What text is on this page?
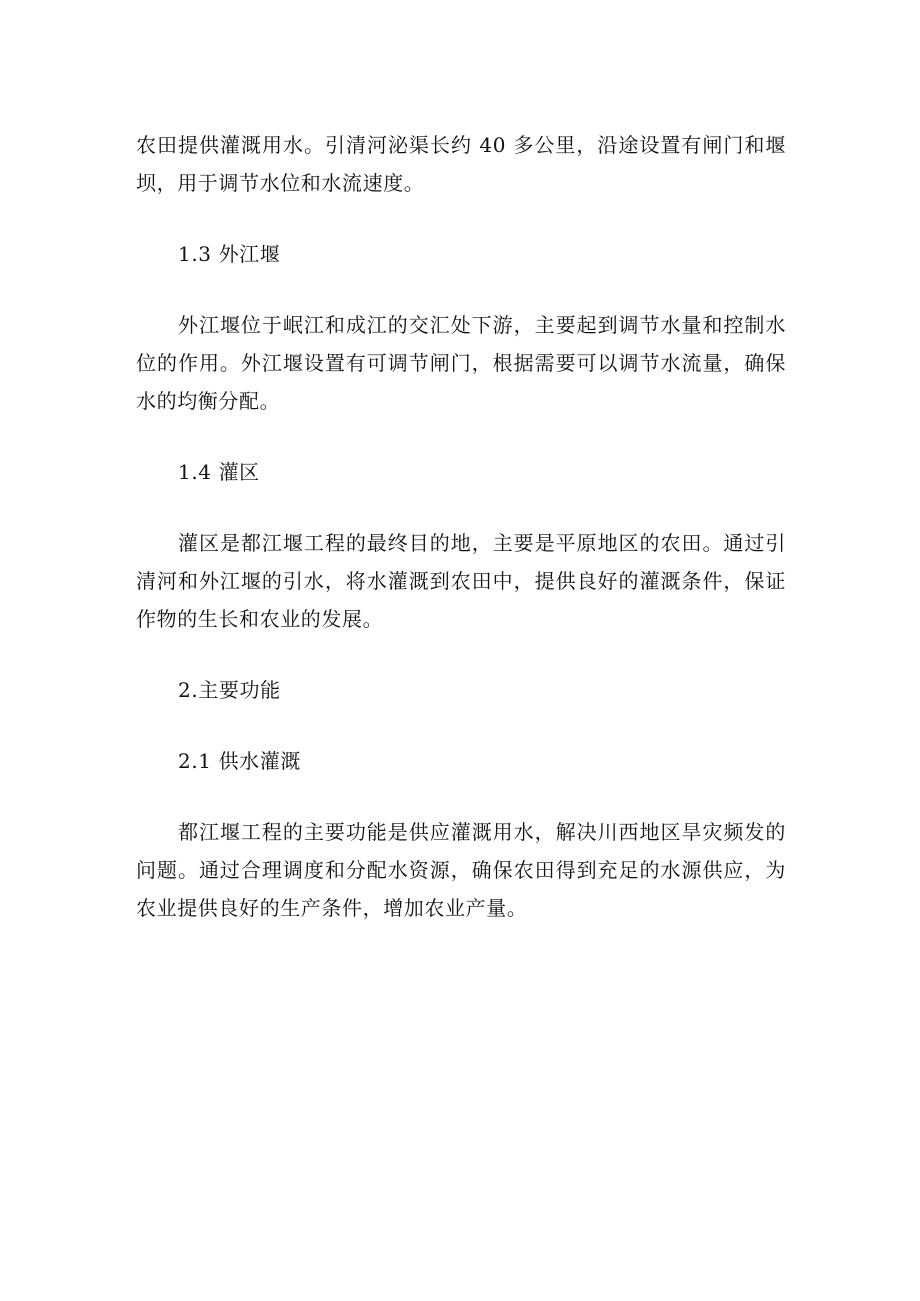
农田提供灌溉用水。引清河泌渠长约 40 多公里，沿途设置有闸门和堰坝，用于调节水位和水流速度。

1.3 外江堰

外江堰位于岷江和成江的交汇处下游，主要起到调节水量和控制水位的作用。外江堰设置有可调节闸门，根据需要可以调节水流量，确保水的均衡分配。

1.4 灌区

灌区是都江堰工程的最终目的地，主要是平原地区的农田。通过引清河和外江堰的引水，将水灌溉到农田中，提供良好的灌溉条件，保证作物的生长和农业的发展。

2.主要功能

2.1 供水灌溉

都江堰工程的主要功能是供应灌溉用水，解决川西地区旱灾频发的问题。通过合理调度和分配水资源，确保农田得到充足的水源供应，为农业提供良好的生产条件，增加农业产量。
